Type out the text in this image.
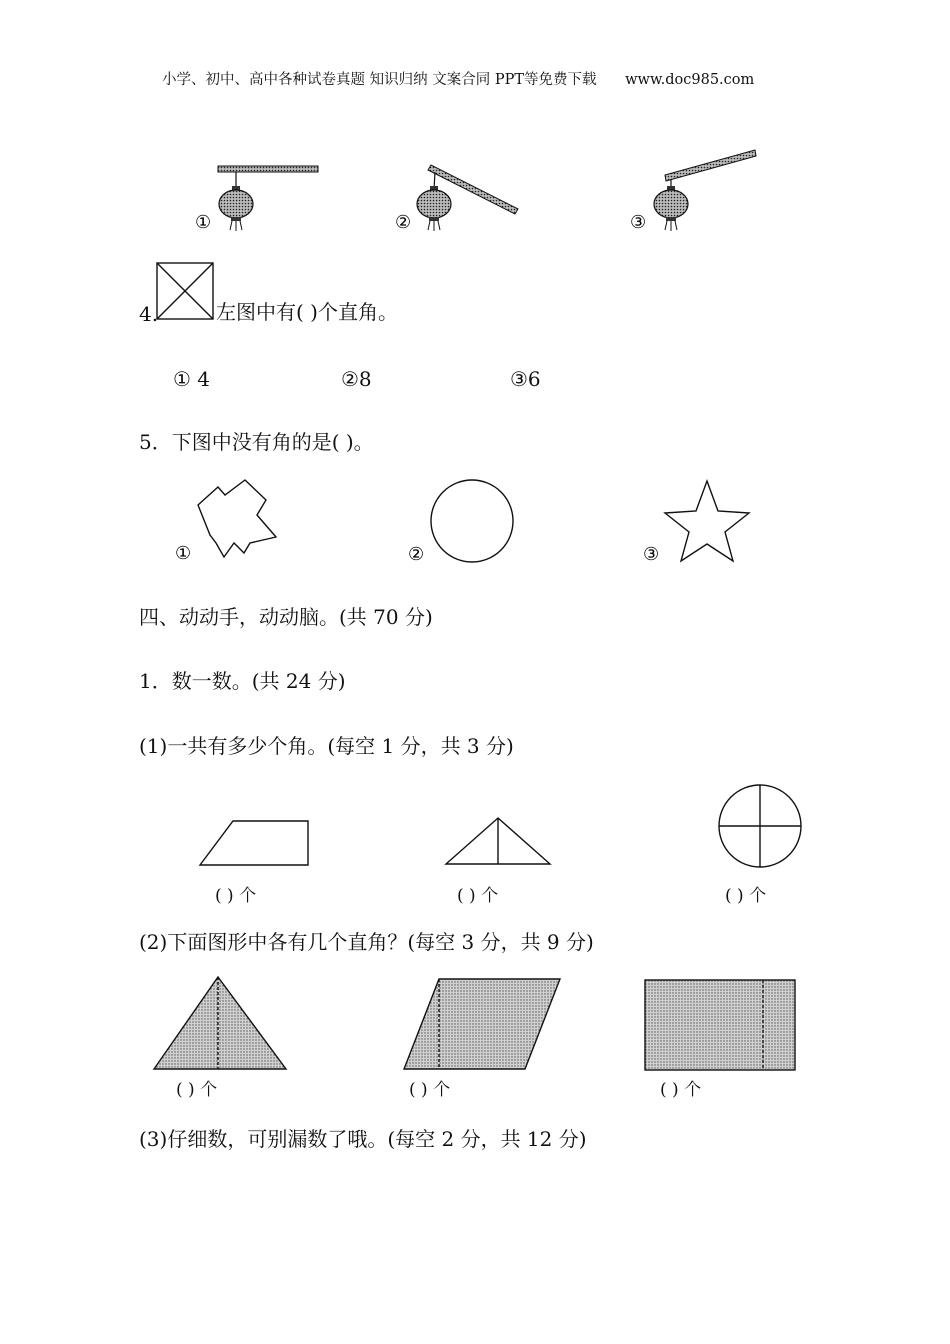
小学、初中、高中各种试卷真题 知识归纳 文案合同 PPT等免费下载 www.doc985.com
①	②	③
4.	左图中有( )个直角。
① 4	②8	③6
5．下图中没有角的是( )。
①	②	③
四、动动手，动动脑。(共 70 分)
1．数一数。(共 24 分)
(1)一共有多少个角。(每空 1 分，共 3 分)
( ) 个	( ) 个	( ) 个
(2)下面图形中各有几个直角？(每空 3 分，共 9 分)
( ) 个	( ) 个	( ) 个
(3)仔细数，可别漏数了哦。(每空 2 分，共 12 分)
